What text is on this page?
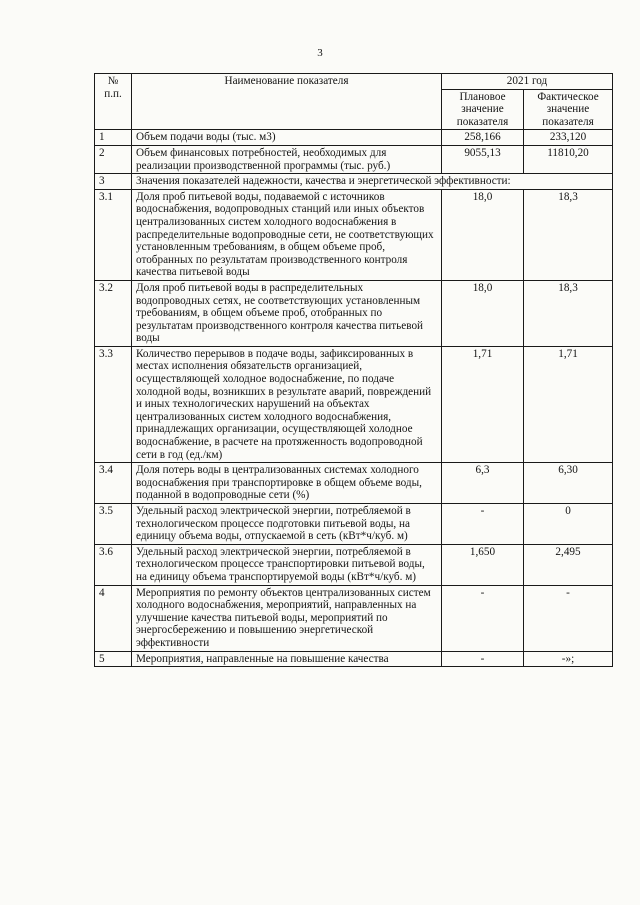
3
№ п.п.	Наименование показателя	2021 год	
		Плановое значение показателя	Фактическое значение показателя
1	Объем подачи воды (тыс. м3)	258,166	233,120
2	Объем финансовых потребностей, необходимых для реализации производственной программы (тыс. руб.)	9055,13	11810,20
3	Значения показателей надежности, качества и энергетической эффективности:		
3.1	Доля проб питьевой воды, подаваемой с источников водоснабжения, водопроводных станций или иных объектов централизованных систем холодного водоснабжения в распределительные водопроводные сети, не соответствующих установленным требованиям, в общем объеме проб, отобранных по результатам производственного контроля качества питьевой воды	18,0	18,3
3.2	Доля проб питьевой воды в распределительных водопроводных сетях, не соответствующих установленным требованиям, в общем объеме проб, отобранных по результатам производственного контроля качества питьевой воды	18,0	18,3
3.3	Количество перерывов в подаче воды, зафиксированных в местах исполнения обязательств организацией, осуществляющей холодное водоснабжение, по подаче холодной воды, возникших в результате аварий, повреждений и иных технологических нарушений на объектах централизованных систем холодного водоснабжения, принадлежащих организации, осуществляющей холодное водоснабжение, в расчете на протяженность водопроводной сети в год (ед./км)	1,71	1,71
3.4	Доля потерь воды в централизованных системах холодного водоснабжения при транспортировке в общем объеме воды, поданной в водопроводные сети (%)	6,3	6,30
3.5	Удельный расход электрической энергии, потребляемой в технологическом процессе подготовки питьевой воды, на единицу объема воды, отпускаемой в сеть (кВт*ч/куб. м)	-	0
3.6	Удельный расход электрической энергии, потребляемой в технологическом процессе транспортировки питьевой воды, на единицу объема транспортируемой воды (кВт*ч/куб. м)	1,650	2,495
4	Мероприятия по ремонту объектов централизованных систем холодного водоснабжения, мероприятий, направленных на улучшение качества питьевой воды, мероприятий по энергосбережению и повышению энергетической эффективности	-	-
5	Мероприятия, направленные на повышение качества	-	-»;
